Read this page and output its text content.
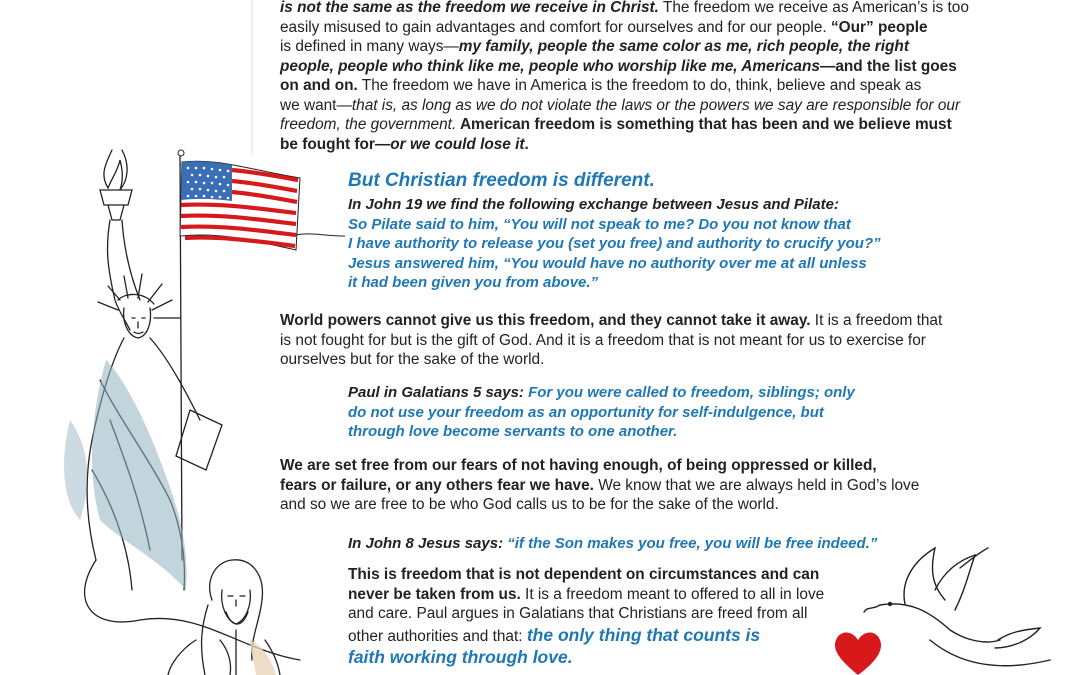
is not the same as the freedom we receive in Christ. The freedom we receive as American’s is too
easily misused to gain advantages and comfort for ourselves and for our people. “Our” people
is defined in many ways—my family, people the same color as me, rich people, the right
people, people who think like me, people who worship like me, Americans—and the list goes
on and on. The freedom we have in America is the freedom to do, think, believe and speak as
we want—that is, as long as we do not violate the laws or the powers we say are responsible for our
freedom, the government. American freedom is something that has been and we believe must
be fought for—or we could lose it.
But Christian freedom is different.
In John 19 we find the following exchange between Jesus and Pilate:
So Pilate said to him, “You will not speak to me? Do you not know that
I have authority to release you (set you free) and authority to crucify you?”
Jesus answered him, “You would have no authority over me at all unless
it had been given you from above.”
World powers cannot give us this freedom, and they cannot take it away. It is a freedom that
is not fought for but is the gift of God. And it is a freedom that is not meant for us to exercise for
ourselves but for the sake of the world.
Paul in Galatians 5 says: For you were called to freedom, siblings; only
do not use your freedom as an opportunity for self-indulgence, but
through love become servants to one another.
We are set free from our fears of not having enough, of being oppressed or killed,
fears or failure, or any others fear we have. We know that we are always held in God’s love
and so we are free to be who God calls us to be for the sake of the world.
In John 8 Jesus says: “if the Son makes you free, you will be free indeed.”
This is freedom that is not dependent on circumstances and can
never be taken from us. It is a freedom meant to offered to all in love
and care. Paul argues in Galatians that Christians are freed from all
other authorities and that: the only thing that counts is
faith working through love.
